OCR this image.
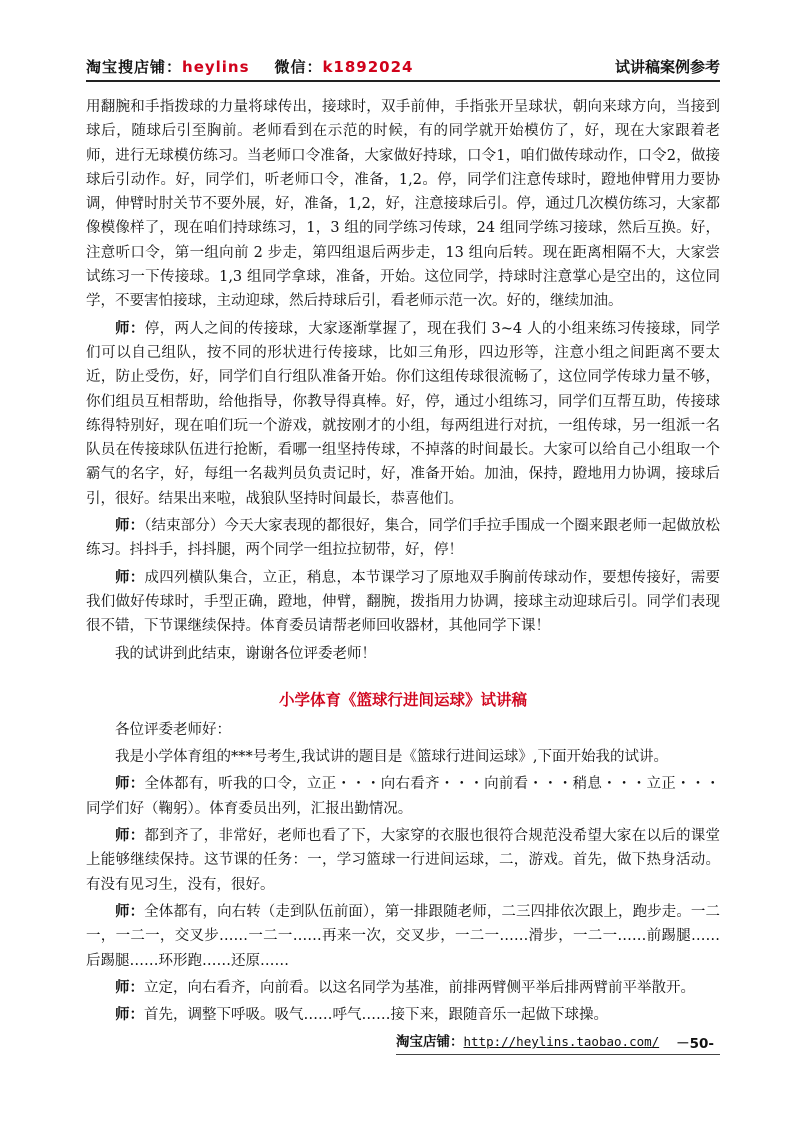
淘宝搜店铺：heylins 微信：k1892024	试讲稿案例参考

用翻腕和手指拨球的力量将球传出，接球时，双手前伸，手指张开呈球状，朝向来球方向，当接到球后，随球后引至胸前。老师看到在示范的时候，有的同学就开始模仿了，好，现在大家跟着老师，进行无球模仿练习。当老师口令准备，大家做好持球，口令1，咱们做传球动作，口令2，做接球后引动作。好，同学们，听老师口令，准备，1,2。停，同学们注意传球时，蹬地伸臂用力要协调，伸臂时肘关节不要外展，好，准备，1,2，好，注意接球后引。停，通过几次模仿练习，大家都像模像样了，现在咱们持球练习，1，3 组的同学练习传球，24 组同学练习接球，然后互换。好，注意听口令，第一组向前 2 步走，第四组退后两步走，13 组向后转。现在距离相隔不大，大家尝试练习一下传接球。1,3 组同学拿球，准备，开始。这位同学，持球时注意掌心是空出的，这位同学，不要害怕接球，主动迎球，然后持球后引，看老师示范一次。好的，继续加油。

师：停，两人之间的传接球，大家逐渐掌握了，现在我们 3~4 人的小组来练习传接球，同学们可以自己组队，按不同的形状进行传接球，比如三角形，四边形等，注意小组之间距离不要太近，防止受伤，好，同学们自行组队准备开始。你们这组传球很流畅了，这位同学传球力量不够，你们组员互相帮助，给他指导，你教导得真棒。好，停，通过小组练习，同学们互帮互助，传接球练得特别好，现在咱们玩一个游戏，就按刚才的小组，每两组进行对抗，一组传球，另一组派一名队员在传接球队伍进行抢断，看哪一组坚持传球，不掉落的时间最长。大家可以给自己小组取一个霸气的名字，好，每组一名裁判员负责记时，好，准备开始。加油，保持，蹬地用力协调，接球后引，很好。结果出来啦，战狼队坚持时间最长，恭喜他们。

师：（结束部分）今天大家表现的都很好，集合，同学们手拉手围成一个圈来跟老师一起做放松练习。抖抖手，抖抖腿，两个同学一组拉拉韧带，好，停！

师：成四列横队集合，立正，稍息，本节课学习了原地双手胸前传球动作，要想传接好，需要我们做好传球时，手型正确，蹬地，伸臂，翻腕，拨指用力协调，接球主动迎球后引。同学们表现很不错，下节课继续保持。体育委员请帮老师回收器材，其他同学下课！

我的试讲到此结束，谢谢各位评委老师！

小学体育《篮球行进间运球》试讲稿

各位评委老师好：

我是小学体育组的***号考生,我试讲的题目是《篮球行进间运球》,下面开始我的试讲。

师：全体都有，听我的口令，立正・・・向右看齐・・・向前看・・・稍息・・・立正・・・同学们好（鞠躬）。体育委员出列，汇报出勤情况。

师：都到齐了，非常好，老师也看了下，大家穿的衣服也很符合规范没希望大家在以后的课堂上能够继续保持。这节课的任务：一，学习篮球一行进间运球，二，游戏。首先，做下热身活动。有没有见习生，没有，很好。

师：全体都有，向右转（走到队伍前面），第一排跟随老师，二三四排依次跟上，跑步走。一二一，一二一，交叉步……一二一……再来一次，交叉步，一二一……滑步，一二一……前踢腿……后踢腿……环形跑……还原……

师：立定，向右看齐，向前看。以这名同学为基准，前排两臂侧平举后排两臂前平举散开。

师：首先，调整下呼吸。吸气……呼气……接下来，跟随音乐一起做下球操。

淘宝店铺：http://heylins.taobao.com/ －50-
